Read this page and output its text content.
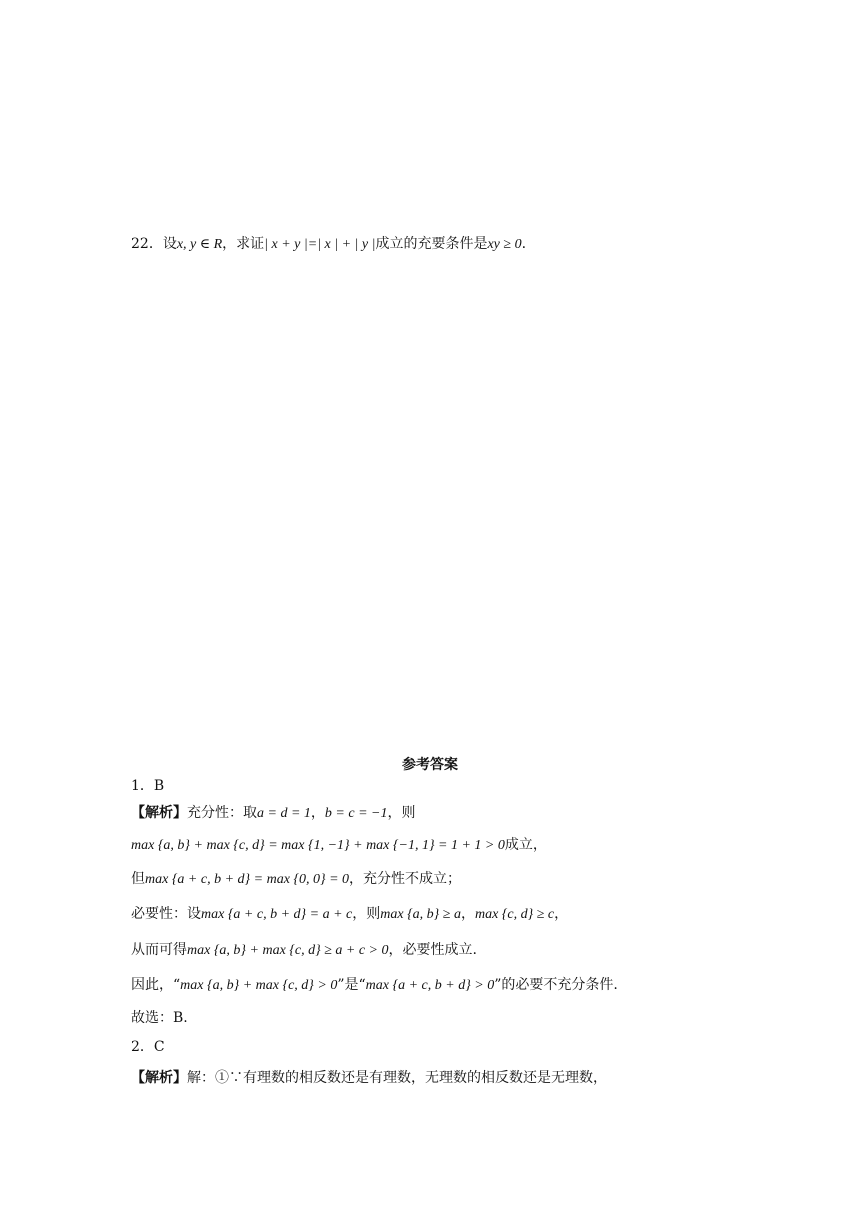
22．设x, y ∈ R，求证| x + y |=| x | + | y |成立的充要条件是xy ≥ 0.
参考答案
1．B
【解析】充分性：取a = d = 1，b = c = −1，则
max {a, b} + max {c, d} = max {1, −1} + max {−1, 1} = 1 + 1 > 0成立，
但max {a + c, b + d} = max {0, 0} = 0，充分性不成立；
必要性：设max {a + c, b + d} = a + c，则max {a, b} ≥ a，max {c, d} ≥ c，
从而可得max {a, b} + max {c, d} ≥ a + c > 0，必要性成立.
因此，“max {a, b} + max {c, d} > 0”是“max {a + c, b + d} > 0”的必要不充分条件.
故选：B.
2．C
【解析】解：①∵有理数的相反数还是有理数，无理数的相反数还是无理数，
